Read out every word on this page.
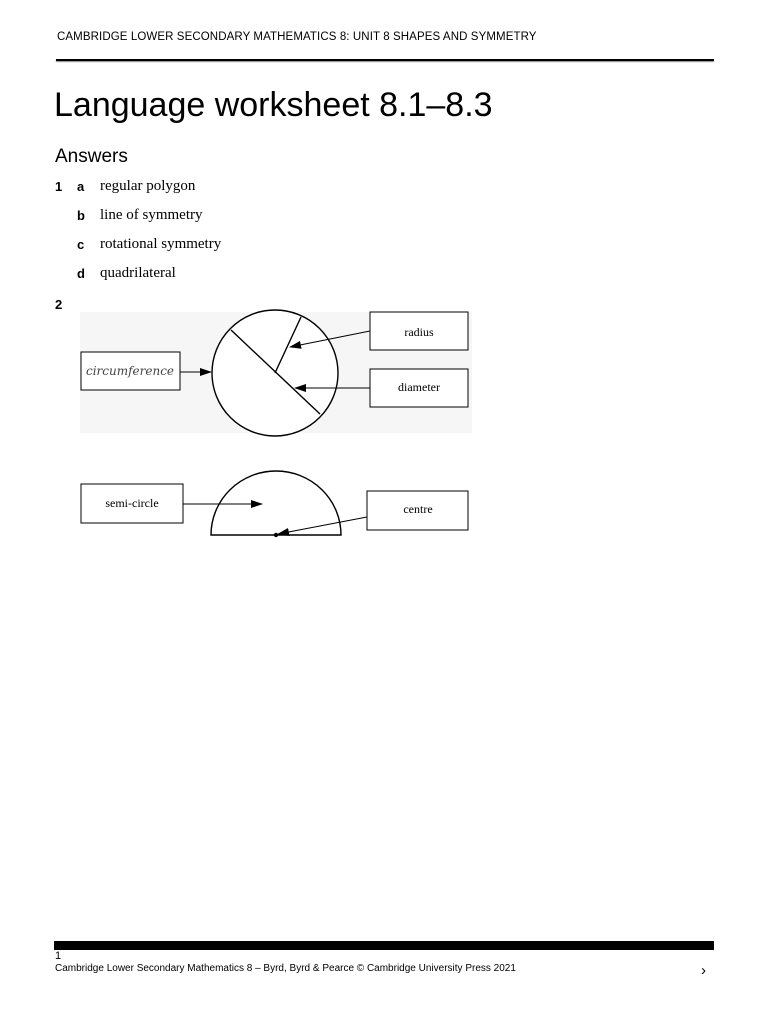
CAMBRIDGE LOWER SECONDARY MATHEMATICS 8: UNIT 8 SHAPES AND SYMMETRY
Language worksheet 8.1–8.3
Answers
1 a regular polygon
b line of symmetry
c rotational symmetry
d quadrilateral
2
radius
diameter
circumference
semi-circle	centre
1
Cambridge Lower Secondary Mathematics 8 – Byrd, Byrd & Pearce © Cambridge University Press 2021	›
